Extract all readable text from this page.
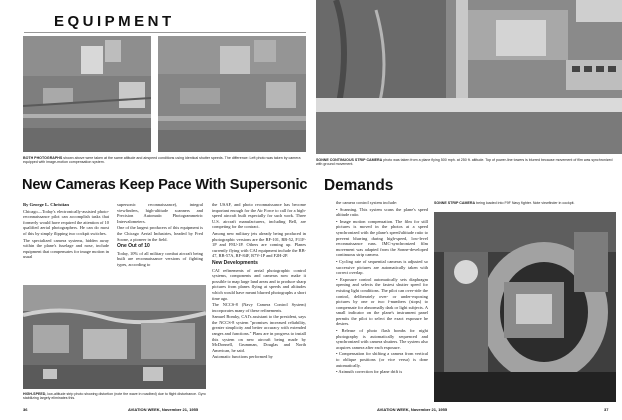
EQUIPMENT
BOTH PHOTOGRAPHS shown above were taken at the same altitude and airspeed conditions using identical shutter speeds. The difference: Left photo was taken by camera equipped with image-motion compensation system.
New Cameras Keep Pace With Supersonic

By George L. Christian

Chicago—Today's electronically-assisted photo-reconnaissance pilot can accomplish tasks that formerly would have required the attention of 10 qualified aerial photographers. He can do most of this by simply flipping two cockpit switches.

The specialized camera systems, hidden away within the plane's fuselage and nose, include equipment that compensates for image motion in usual

supersonic reconnaissance), integral viewfinders, high-altitude scanners and Precision Automatic Photogrammetric Intervalometers.

One of the largest producers of this equipment is the Chicago Aerial Industries, headed by Fred Soone, a pioneer in the field.

One Out of 10

Today, 10% of all military combat aircraft being built are reconnaissance versions of fighting types, according to

the USAF, and photo reconnaissance has become important enough for the Air Force to call for a high-speed aircraft built especially for such work. Three U.S. aircraft manufacturers, including Bell, are competing for the contract.

Among new military jets already being produced in photographic versions are the RF-101, RB-52, F11F-1P and F8U-1P. Others are coming up. Planes currently flying with CAI equipment include the RB-47, RB-57A, RF-84F, R7V-1P and F2H-2P.

New Developments

CAI refinements of aerial photographic control systems, components and cameras now make it possible to map large land areas and to produce sharp pictures from planes flying at speeds and altitudes which would have meant blurred photographs a short time ago.

The NCCS-8 (Navy Camera Control System) incorporates many of these refinements.

Samuel Bomky, CAI's assistant to the president, says the NCCS-8 system "promises increased reliability, greater simplicity and better accuracy with extended ranges and functions." Plans are in progress to install this system on new aircraft being made by McDonnell, Grumman, Douglas and North American, he said.

Automatic functions performed by

HIGH-SPEED, low-altitude strip photo showing distortion (note the wave in roadbed) due to flight disturbance. Gyro stabilizing largely eliminates this.
36	AVIATION WEEK, November 21, 1955
SONNE CONTINUOUS STRIP CAMERA photo was taken from a plane flying 500 mph. at 250 ft. altitude. Top of power-line towers is blurred because movement of film was synchronized with ground movement.
Demands

the camera control system include:

• Scanning. This system scans the plane's speed altitude ratio.

• Image motion compensation. The film for still pictures is moved in the photos at a speed synchronized with the plane's speed/altitude ratio to prevent blurring during high-speed, low-level reconnaissance runs. IMC-synchronized film movement was adapted from the Sonne-developed continuous strip camera.

• Cycling rate of sequential cameras is adjusted so successive pictures are automatically taken with correct overlap.

• Exposure control automatically sets diaphragm opening and selects the fastest shutter speed for existing light conditions. The pilot can over-ride the control, deliberately over- or under-exposing pictures by one or two f-numbers (stops) to compensate for abnormally dark or light subjects. A small indicator on the plane's instrument panel permits the pilot to select the exact exposure he desires.

• Release of photo flash bombs for night photography is automatically sequenced and synchronized with camera shutters. The system also acquires camera after each exposure.

• Compensation for shifting a camera from vertical to oblique positions (or vice versa) is done automatically.

• Azimuth correction for plane drift is

SONNE STRIP CAMERA being loaded into F9F Navy fighter. Note viewfinder in cockpit.
AVIATION WEEK, November 21, 1955	37
